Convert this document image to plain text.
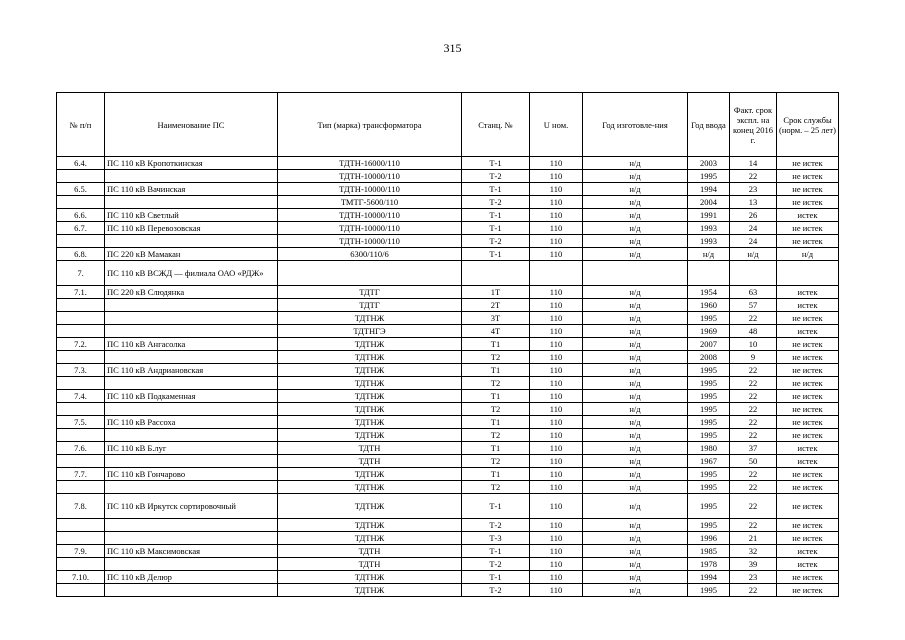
315
№ п/п	Наименование ПС	Тип (марка) трансформатора	Станц. №	U ном.	Год изготовле-ния	Год ввода	Факт. срок экспл. на конец 2016 г.	Срок службы (норм. – 25 лет)
6.4.	ПС 110 кВ Кропоткинская	ТДТН-16000/110	Т-1	110	н/д	2003	14	не истек
		ТДТН-10000/110	Т-2	110	н/д	1995	22	не истек
6.5.	ПС 110 кВ Вачинская	ТДТН-10000/110	Т-1	110	н/д	1994	23	не истек
		ТМТГ-5600/110	Т-2	110	н/д	2004	13	не истек
6.6.	ПС 110 кВ Светлый	ТДТН-10000/110	Т-1	110	н/д	1991	26	истек
6.7.	ПС 110 кВ Перевозовская	ТДТН-10000/110	Т-1	110	н/д	1993	24	не истек
		ТДТН-10000/110	Т-2	110	н/д	1993	24	не истек
6.8.	ПС 220 кВ Мамакан	6300/110/6	Т-1	110	н/д	н/д	н/д	н/д
7.	ПС 110 кВ ВСЖД — филиала ОАО «РДЖ»							
7.1.	ПС 220 кВ Слюдянка	ТДТГ	1Т	110	н/д	1954	63	истек
		ТДТГ	2Т	110	н/д	1960	57	истек
		ТДТНЖ	3Т	110	н/д	1995	22	не истек
		ТДТНГЭ	4Т	110	н/д	1969	48	истек
7.2.	ПС 110 кВ Ангасолка	ТДТНЖ	Т1	110	н/д	2007	10	не истек
		ТДТНЖ	Т2	110	н/д	2008	9	не истек
7.3.	ПС 110 кВ Андриановская	ТДТНЖ	Т1	110	н/д	1995	22	не истек
		ТДТНЖ	Т2	110	н/д	1995	22	не истек
7.4.	ПС 110 кВ Подкаменная	ТДТНЖ	Т1	110	н/д	1995	22	не истек
		ТДТНЖ	Т2	110	н/д	1995	22	не истек
7.5.	ПС 110 кВ Рассоха	ТДТНЖ	Т1	110	н/д	1995	22	не истек
		ТДТНЖ	Т2	110	н/д	1995	22	не истек
7.6.	ПС 110 кВ Б.луг	ТДТН	Т1	110	н/д	1980	37	истек
		ТДТН	Т2	110	н/д	1967	50	истек
7.7.	ПС 110 кВ Гончарово	ТДТНЖ	Т1	110	н/д	1995	22	не истек
		ТДТНЖ	Т2	110	н/д	1995	22	не истек
7.8.	ПС 110 кВ Иркутск сортировочный	ТДТНЖ	Т-1	110	н/д	1995	22	не истек
		ТДТНЖ	Т-2	110	н/д	1995	22	не истек
		ТДТНЖ	Т-3	110	н/д	1996	21	не истек
7.9.	ПС 110 кВ Максимовская	ТДТН	Т-1	110	н/д	1985	32	истек
		ТДТН	Т-2	110	н/д	1978	39	истек
7.10.	ПС 110 кВ Делюр	ТДТНЖ	Т-1	110	н/д	1994	23	не истек
		ТДТНЖ	Т-2	110	н/д	1995	22	не истек
